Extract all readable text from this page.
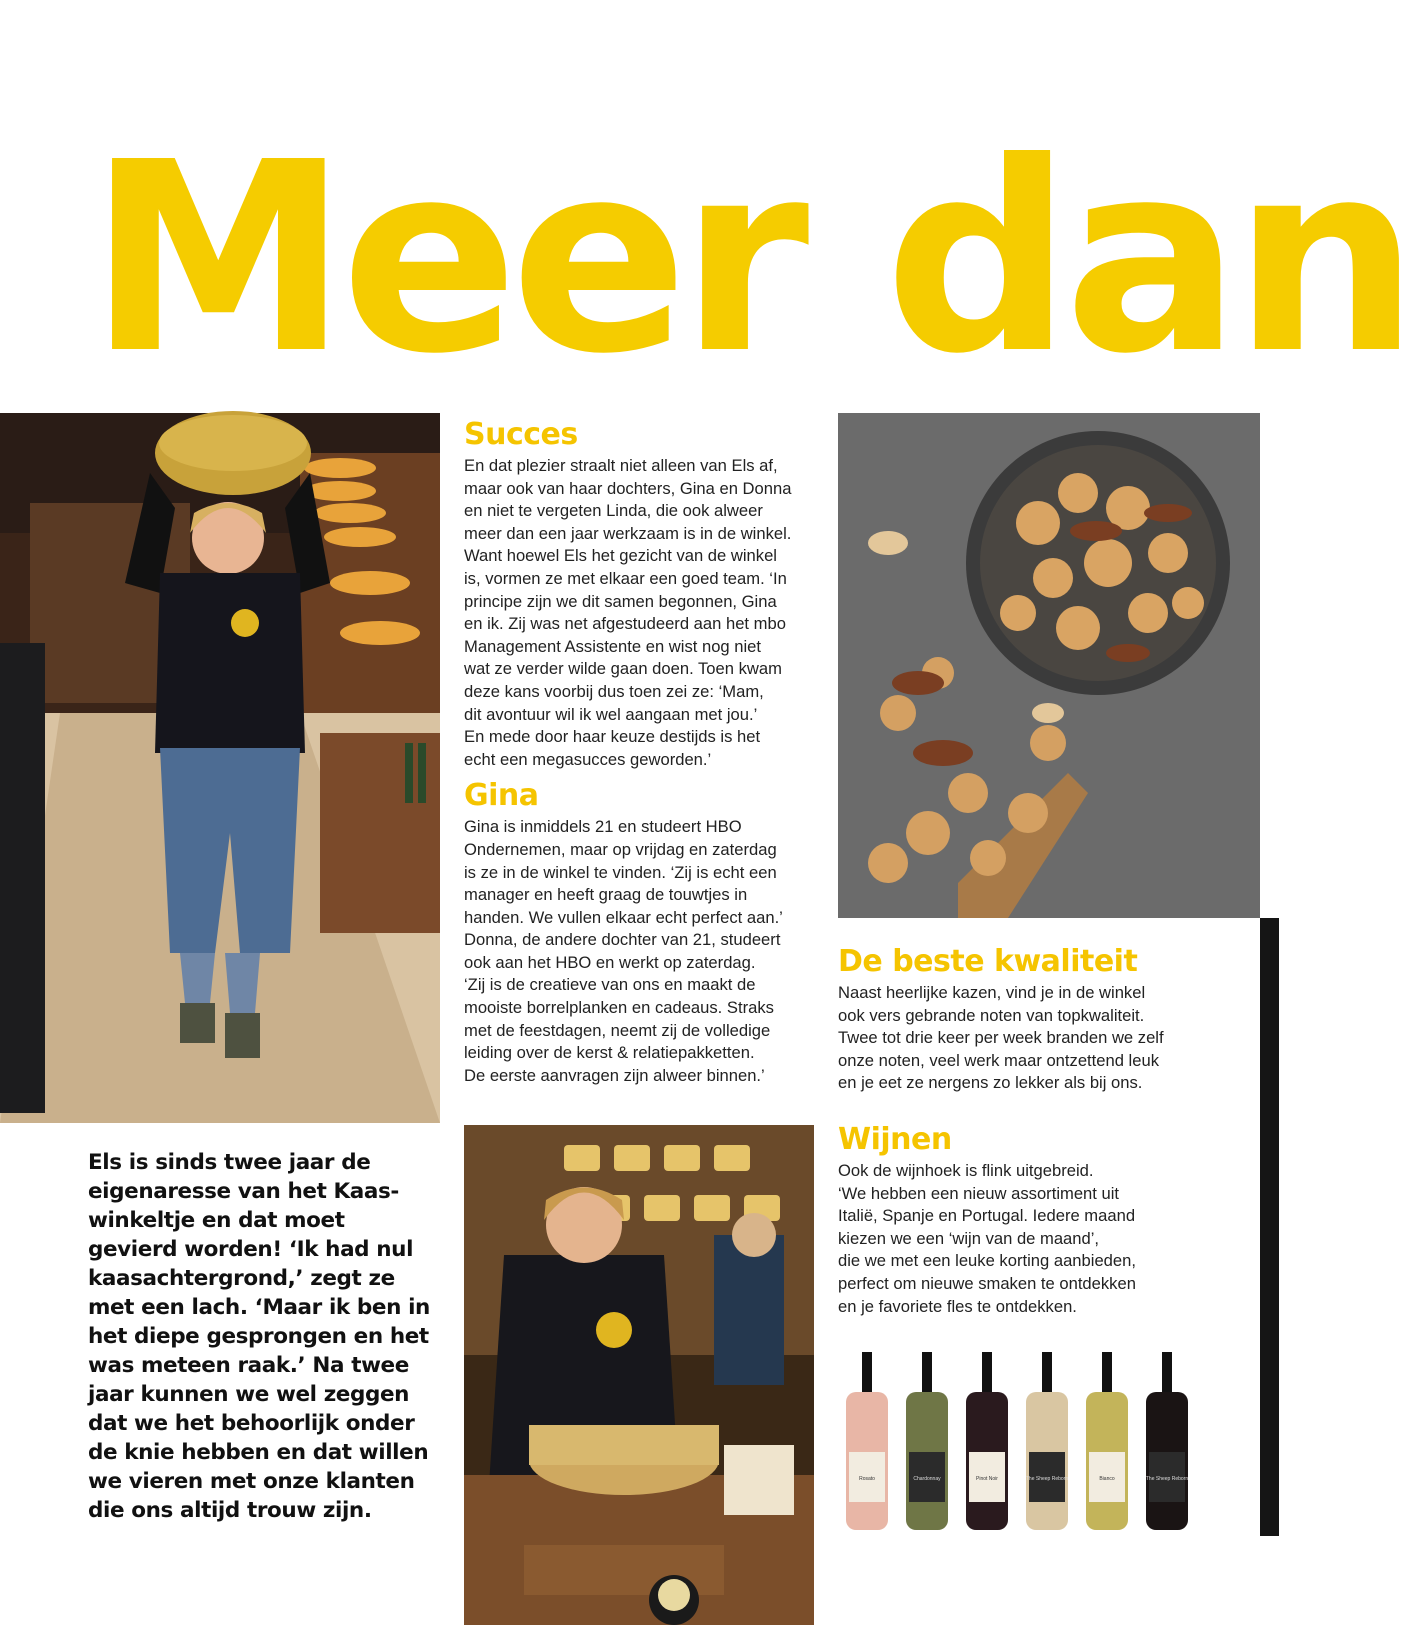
Meer dan
Els is sinds twee jaar de
eigenaresse van het Kaas-
winkeltje en dat moet
gevierd worden! ‘Ik had nul
kaasachtergrond,’ zegt ze
met een lach. ‘Maar ik ben in
het diepe gesprongen en het
was meteen raak.’ Na twee
jaar kunnen we wel zeggen
dat we het behoorlijk onder
de knie hebben en dat willen
we vieren met onze klanten
die ons altijd trouw zijn.
Succes
En dat plezier straalt niet alleen van Els af,
maar ook van haar dochters, Gina en Donna
en niet te vergeten Linda, die ook alweer
meer dan een jaar werkzaam is in de winkel.
Want hoewel Els het gezicht van de winkel
is, vormen ze met elkaar een goed team. ‘In
principe zijn we dit samen begonnen, Gina
en ik. Zij was net afgestudeerd aan het mbo
Management Assistente en wist nog niet
wat ze verder wilde gaan doen. Toen kwam
deze kans voorbij dus toen zei ze: ‘Mam,
dit avontuur wil ik wel aangaan met jou.’
En mede door haar keuze destijds is het
echt een megasucces geworden.’
Gina
Gina is inmiddels 21 en studeert HBO
Ondernemen, maar op vrijdag en zaterdag
is ze in de winkel te vinden. ‘Zij is echt een
manager en heeft graag de touwtjes in
handen. We vullen elkaar echt perfect aan.’
Donna, de andere dochter van 21, studeert
ook aan het HBO en werkt op zaterdag.
‘Zij is de creatieve van ons en maakt de
mooiste borrelplanken en cadeaus. Straks
met de feestdagen, neemt zij de volledige
leiding over de kerst & relatiepakketten.
De eerste aanvragen zijn alweer binnen.’
De beste kwaliteit
Naast heerlijke kazen, vind je in de winkel
ook vers gebrande noten van topkwaliteit.
Twee tot drie keer per week branden we zelf
onze noten, veel werk maar ontzettend leuk
en je eet ze nergens zo lekker als bij ons.
Wijnen
Ook de wijnhoek is flink uitgebreid.
‘We hebben een nieuw assortiment uit
Italië, Spanje en Portugal. Iedere maand
kiezen we een ‘wijn van de maand’,
die we met een leuke korting aanbieden,
perfect om nieuwe smaken te ontdekken
en je favoriete fles te ontdekken.
Rosato	Chardonnay	Pinot Noir	The Sheep Reborn	Bianco	The Sheep Reborn
